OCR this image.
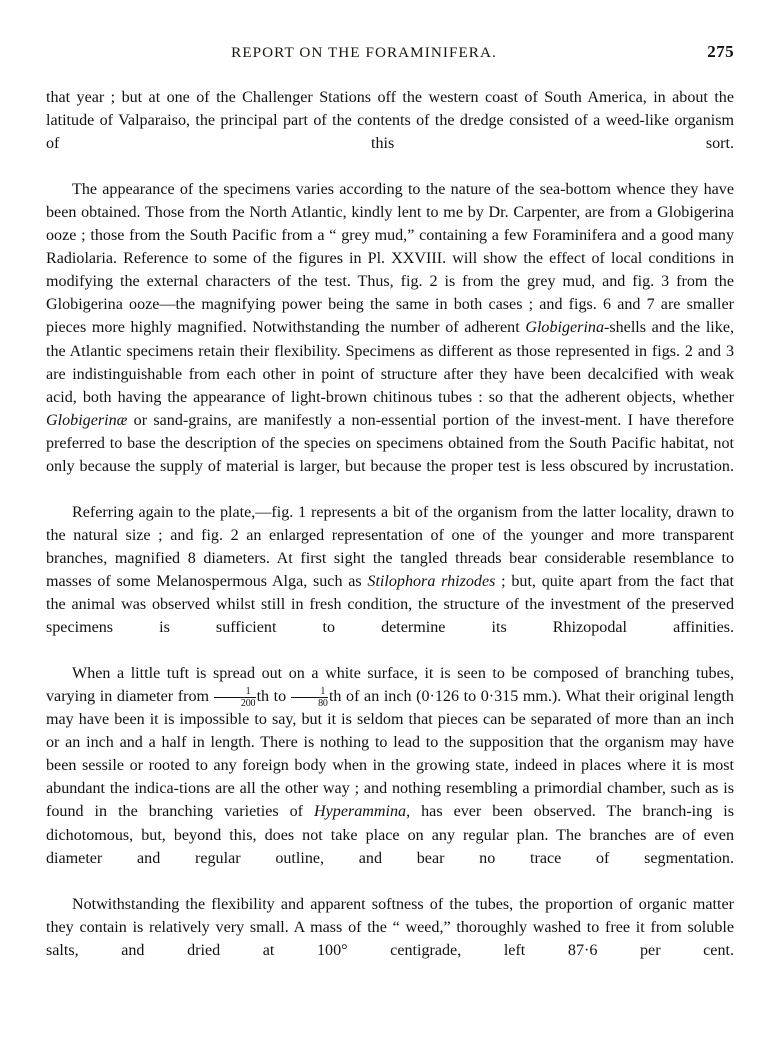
REPORT ON THE FORAMINIFERA.	275

that year ; but at one of the Challenger Stations off the western coast of South America, in about the latitude of Valparaiso, the principal part of the contents of the dredge consisted of a weed-like organism of this sort.

The appearance of the specimens varies according to the nature of the sea-bottom whence they have been obtained. Those from the North Atlantic, kindly lent to me by Dr. Carpenter, are from a Globigerina ooze ; those from the South Pacific from a “ grey mud,” containing a few Foraminifera and a good many Radiolaria. Reference to some of the figures in Pl. XXVIII. will show the effect of local conditions in modifying the external characters of the test. Thus, fig. 2 is from the grey mud, and fig. 3 from the Globigerina ooze—the magnifying power being the same in both cases ; and figs. 6 and 7 are smaller pieces more highly magnified. Notwithstanding the number of adherent Globigerina-shells and the like, the Atlantic specimens retain their flexibility. Specimens as different as those represented in figs. 2 and 3 are indistinguishable from each other in point of structure after they have been decalcified with weak acid, both having the appearance of light-brown chitinous tubes : so that the adherent objects, whether Globigerinæ or sand-grains, are manifestly a non-essential portion of the invest-ment. I have therefore preferred to base the description of the species on specimens obtained from the South Pacific habitat, not only because the supply of material is larger, but because the proper test is less obscured by incrustation.

Referring again to the plate,—fig. 1 represents a bit of the organism from the latter locality, drawn to the natural size ; and fig. 2 an enlarged representation of one of the younger and more transparent branches, magnified 8 diameters. At first sight the tangled threads bear considerable resemblance to masses of some Melanospermous Alga, such as Stilophora rhizodes ; but, quite apart from the fact that the animal was observed whilst still in fresh condition, the structure of the investment of the preserved specimens is sufficient to determine its Rhizopodal affinities.

When a little tuft is spread out on a white surface, it is seen to be composed of branching tubes, varying in diameter from $\frac{1}{200}$ th to $\frac{1}{80}$ th of an inch (0·126 to 0·315 mm.). What their original length may have been it is impossible to say, but it is seldom that pieces can be separated of more than an inch or an inch and a half in length. There is nothing to lead to the supposition that the organism may have been sessile or rooted to any foreign body when in the growing state, indeed in places where it is most abundant the indica-tions are all the other way ; and nothing resembling a primordial chamber, such as is found in the branching varieties of Hyperammina, has ever been observed. The branch-ing is dichotomous, but, beyond this, does not take place on any regular plan. The branches are of even diameter and regular outline, and bear no trace of segmentation.

Notwithstanding the flexibility and apparent softness of the tubes, the proportion of organic matter they contain is relatively very small. A mass of the “ weed,” thoroughly washed to free it from soluble salts, and dried at 100° centigrade, left 87·6 per cent.
